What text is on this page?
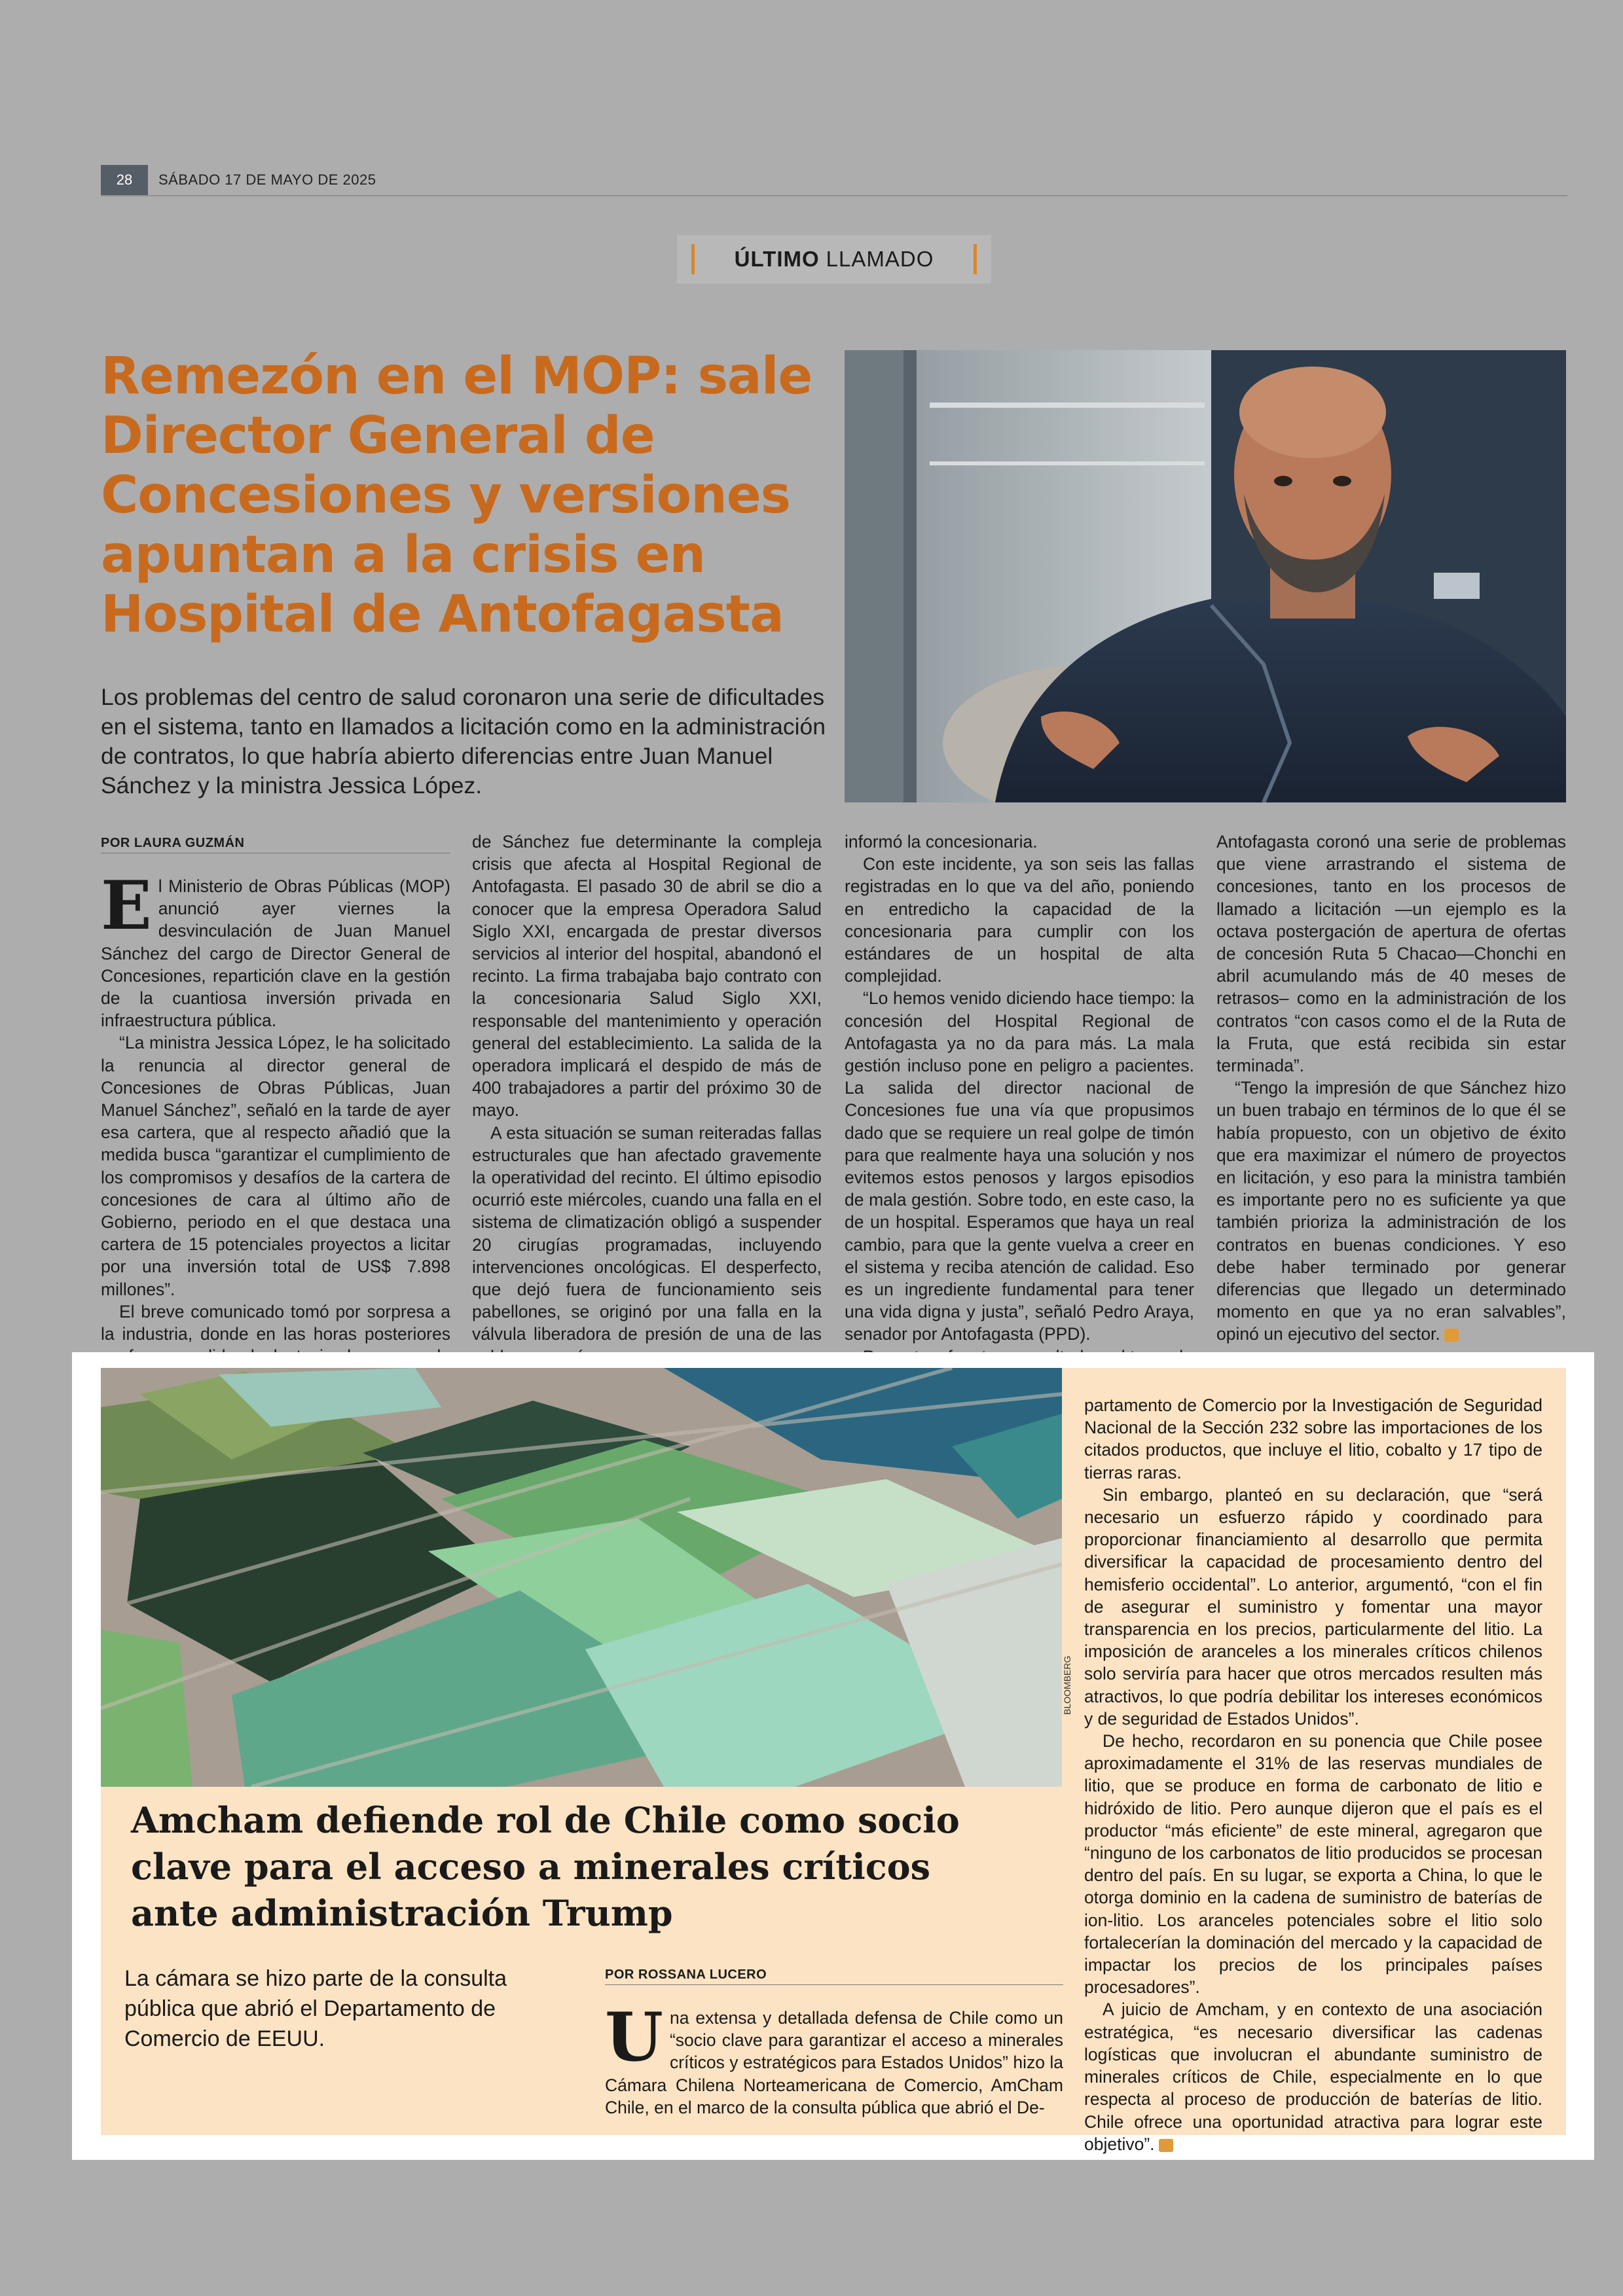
28	SÁBADO 17 DE MAYO DE 2025
ÚLTIMO LLAMADO
Remezón en el MOP: sale Director General de Concesiones y versiones apuntan a la crisis en Hospital de Antofagasta
Los problemas del centro de salud coronaron una serie de dificultades en el sistema, tanto en llamados a licitación como en la administración de contratos, lo que habría abierto diferencias entre Juan Manuel Sánchez y la ministra Jessica López.
POR LAURA GUZMÁN

El Ministerio de Obras Públicas (MOP) anunció ayer viernes la desvinculación de Juan Manuel Sánchez del cargo de Director General de Concesiones, repartición clave en la gestión de la cuantiosa inversión privada en infraestructura pública.

“La ministra Jessica López, le ha solicitado la renuncia al director general de Concesiones de Obras Públicas, Juan Manuel Sánchez”, señaló en la tarde de ayer esa cartera, que al respecto añadió que la medida busca “garantizar el cumplimiento de los compromisos y desafíos de la cartera de concesiones de cara al último año de Gobierno, periodo en el que destaca una cartera de 15 potenciales proyectos a licitar por una inversión total de US$ 7.898 millones”.

El breve comunicado tomó por sorpresa a la industria, donde en las horas posteriores

de Sánchez fue determinante la compleja crisis que afecta al Hospital Regional de Antofagasta. El pasado 30 de abril se dio a conocer que la empresa Operadora Salud Siglo XXI, encargada de prestar diversos servicios al interior del hospital, abandonó el recinto. La firma trabajaba bajo contrato con la concesionaria Salud Siglo XXI, responsable del mantenimiento y operación general del establecimiento. La salida de la operadora implicará el despido de más de 400 trabajadores a partir del próximo 30 de mayo.

A esta situación se suman reiteradas fallas estructurales que han afectado gravemente la operatividad del recinto. El último episodio ocurrió este miércoles, cuando una falla en el sistema de climatización obligó a suspender 20 cirugías programadas, incluyendo intervenciones oncológicas. El desperfecto, que dejó fuera de funcionamiento seis pabellones, se originó por una falla en la válvula liberadora de presión de una de las

informó la concesionaria.

Con este incidente, ya son seis las fallas registradas en lo que va del año, poniendo en entredicho la capacidad de la concesionaria para cumplir con los estándares de un hospital de alta complejidad.

“Lo hemos venido diciendo hace tiempo: la concesión del Hospital Regional de Antofagasta ya no da para más. La mala gestión incluso pone en peligro a pacientes. La salida del director nacional de Concesiones fue una vía que propusimos dado que se requiere un real golpe de timón para que realmente haya una solución y nos evitemos estos penosos y largos episodios de mala gestión. Sobre todo, en este caso, la de un hospital. Esperamos que haya un real cambio, para que la gente vuelva a creer en el sistema y reciba atención de calidad. Eso es un ingrediente fundamental para tener una vida digna y justa”, señaló Pedro Araya, senador por Antofagasta (PPD).

Antofagasta coronó una serie de problemas que viene arrastrando el sistema de concesiones, tanto en los procesos de llamado a licitación —un ejemplo es la octava postergación de apertura de ofertas de concesión Ruta 5 Chacao—Chonchi en abril acumulando más de 40 meses de retrasos– como en la administración de los contratos “con casos como el de la Ruta de la Fruta, que está recibida sin estar terminada”.

“Tengo la impresión de que Sánchez hizo un buen trabajo en términos de lo que él se había propuesto, con un objetivo de éxito que era maximizar el número de proyectos en licitación, y eso para la ministra también es importante pero no es suficiente ya que también prioriza la administración de los contratos en buenas condiciones. Y eso debe haber terminado por generar diferencias que llegado un determinado momento en que ya no eran salvables”, opinó un ejecutivo del sector.

BLOOMBERG
Amcham defiende rol de Chile como socio clave para el acceso a minerales críticos ante administración Trump
La cámara se hizo parte de la consulta pública que abrió el Departamento de Comercio de EEUU.
POR ROSSANA LUCERO

Una extensa y detallada defensa de Chile como un “socio clave para garantizar el acceso a minerales críticos y estratégicos para Estados Unidos” hizo la Cámara Chilena Norteamericana de Comercio, AmCham Chile, en el marco de la consulta pública que abrió el De-

partamento de Comercio por la Investigación de Seguridad Nacional de la Sección 232 sobre las importaciones de los citados productos, que incluye el litio, cobalto y 17 tipo de tierras raras.

Sin embargo, planteó en su declaración, que “será necesario un esfuerzo rápido y coordinado para proporcionar financiamiento al desarrollo que permita diversificar la capacidad de procesamiento dentro del hemisferio occidental”. Lo anterior, argumentó, “con el fin de asegurar el suministro y fomentar una mayor transparencia en los precios, particularmente del litio. La imposición de aranceles a los minerales críticos chilenos solo serviría para hacer que otros mercados resulten más atractivos, lo que podría debilitar los intereses económicos y de seguridad de Estados Unidos”.

De hecho, recordaron en su ponencia que Chile posee aproximadamente el 31% de las reservas mundiales de litio, que se produce en forma de carbonato de litio e hidróxido de litio. Pero aunque dijeron que el país es el productor “más eficiente” de este mineral, agregaron que “ninguno de los carbonatos de litio producidos se procesan dentro del país. En su lugar, se exporta a China, lo que le otorga dominio en la cadena de suministro de baterías de ion-litio. Los aranceles potenciales sobre el litio solo fortalecerían la dominación del mercado y la capacidad de impactar los precios de los principales países procesadores”.

A juicio de Amcham, y en contexto de una asociación estratégica, “es necesario diversificar las cadenas logísticas que involucran el abundante suministro de minerales críticos de Chile, especialmente en lo que respecta al proceso de producción de baterías de litio. Chile ofrece una oportunidad atractiva para lograr este objetivo”.
